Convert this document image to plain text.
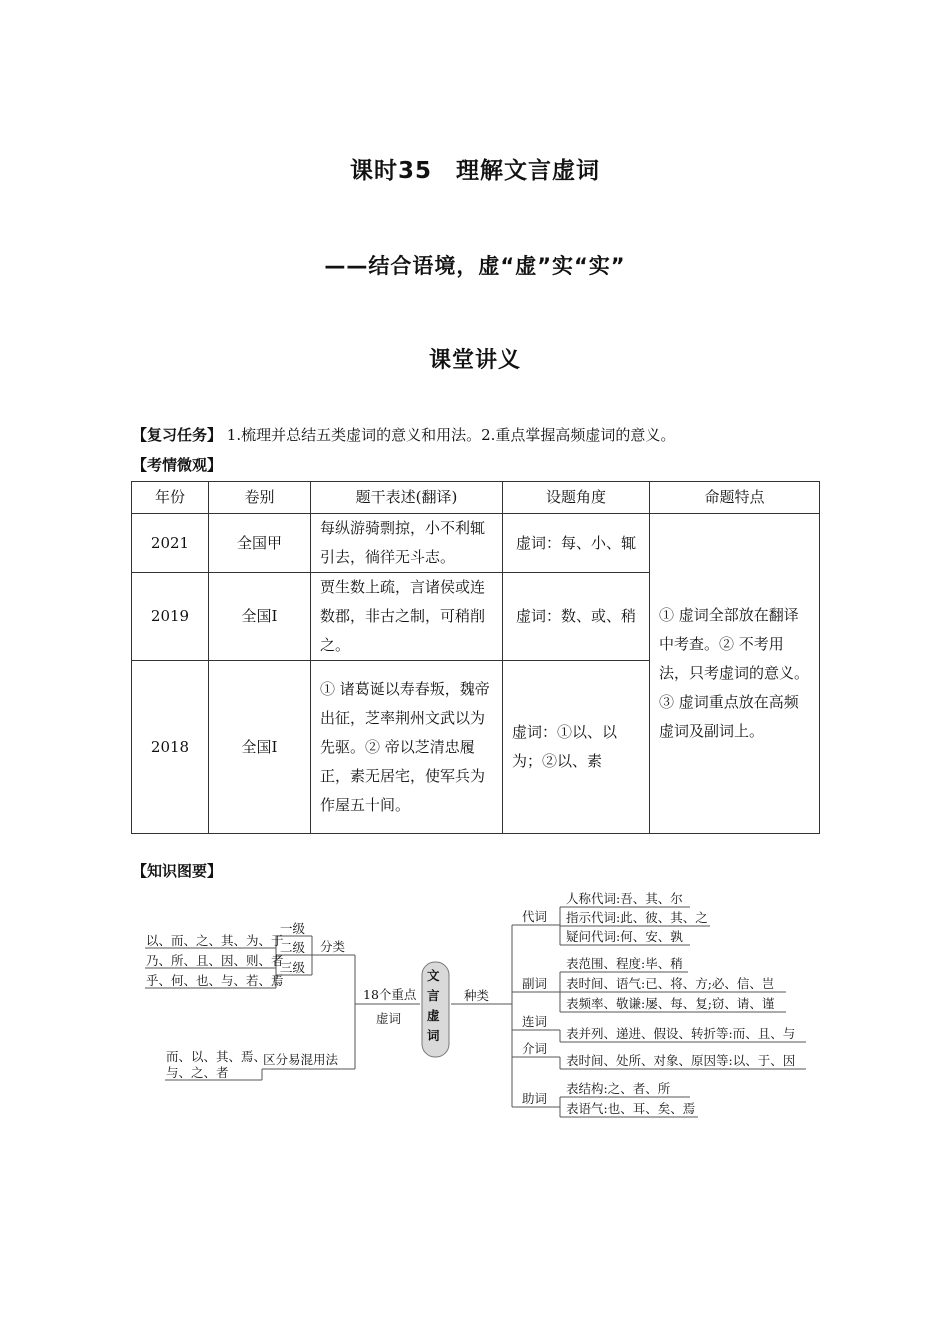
课时35　理解文言虚词
——结合语境，虚“虚”实“实”
课堂讲义
【复习任务】 1.梳理并总结五类虚词的意义和用法。2.重点掌握高频虚词的意义。
【考情微观】
年份	卷别	题干表述(翻译)	设题角度	命题特点
2021	全国甲	每纵游骑剽掠，小不利辄引去，徜徉无斗志。	虚词：每、小、辄	① 虚词全部放在翻译中考查。② 不考用法，只考虚词的意义。③ 虚词重点放在高频虚词及副词上。
2019	全国Ⅰ	贾生数上疏，言诸侯或连数郡，非古之制，可稍削之。	虚词：数、或、稍	
2018	全国Ⅰ	① 诸葛诞以寿春叛，魏帝出征，芝率荆州文武以为先驱。② 帝以芝清忠履正，素无居宅，使军兵为作屋五十间。	虚词：①以、以为；②以、素	
【知识图要】
文
言
虚
词
18个重点
虚词
分类
一级
二级
三级
以、而、之、其、为、于
乃、所、且、因、则、者
乎、何、也、与、若、焉
区分易混用法
而、以、其、焉、
与、之、者
种类
代词
人称代词:吾、其、尔
指示代词:此、彼、其、之
疑问代词:何、安、孰
副词
表范围、程度:毕、稍
表时间、语气:已、将、方;必、信、岂
表频率、敬谦:屡、每、复;窃、请、谨
连词
表并列、递进、假设、转折等:而、且、与
介词
表时间、处所、对象、原因等:以、于、因
助词
表结构:之、者、所
表语气:也、耳、矣、焉
